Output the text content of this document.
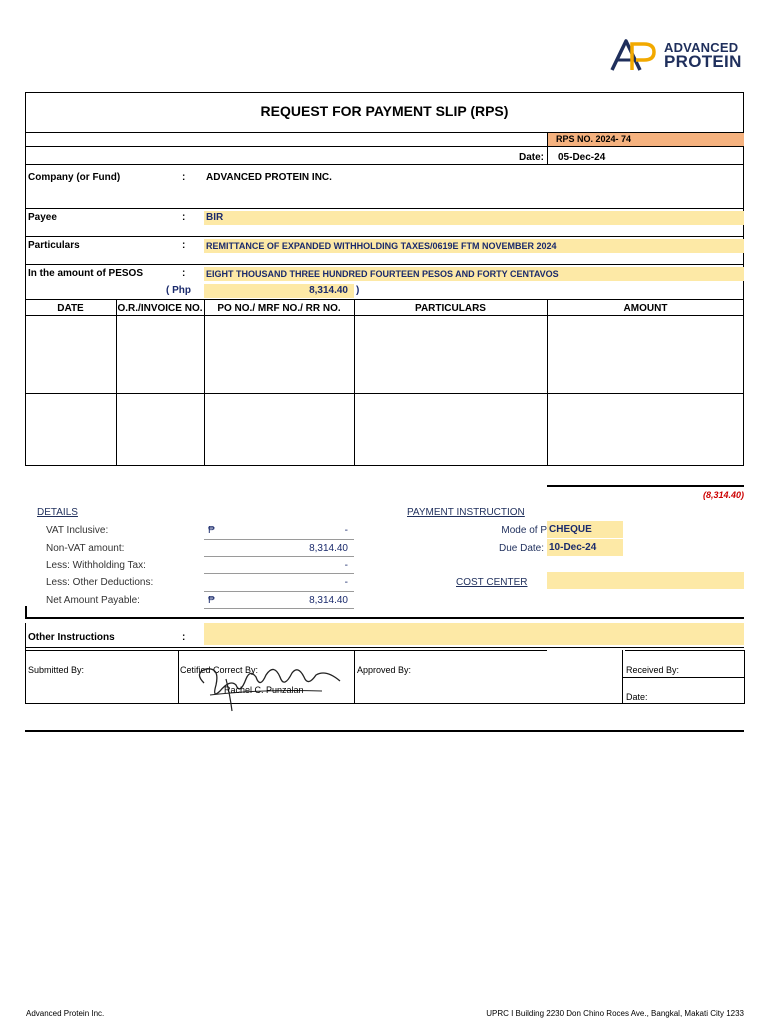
ADVANCED
PROTEIN
REQUEST FOR PAYMENT SLIP (RPS)
RPS NO. 2024- 74
Date: 05-Dec-24
Company (or Fund)	: ADVANCED PROTEIN INC.
Payee	: BIR
Particulars	: REMITTANCE OF EXPANDED WITHHOLDING TAXES/0619E FTM NOVEMBER 2024
In the amount of PESOS	: EIGHT THOUSAND THREE HUNDRED FOURTEEN PESOS AND FORTY CENTAVOS
( Php	8,314.40 )
DATE	O.R./INVOICE NO.	PO NO./ MRF NO./ RR NO.	PARTICULARS	AMOUNT
(8,314.40)
DETAILS
VAT Inclusive:	₱	-
Non-VAT amount:	8,314.40
Less: Withholding Tax:	-
Less: Other Deductions:	-
Net Amount Payable:	₱	8,314.40
PAYMENT INSTRUCTION
Mode of P CHEQUE
Due Date: 10-Dec-24
COST CENTER
Other Instructions	:
Submitted By:	Cetified Correct By:
Rachel C. Punzalan
Approved By:	Received By:
Date:
Advanced Protein Inc.	UPRC I Building 2230 Don Chino Roces Ave., Bangkal, Makati City 1233
